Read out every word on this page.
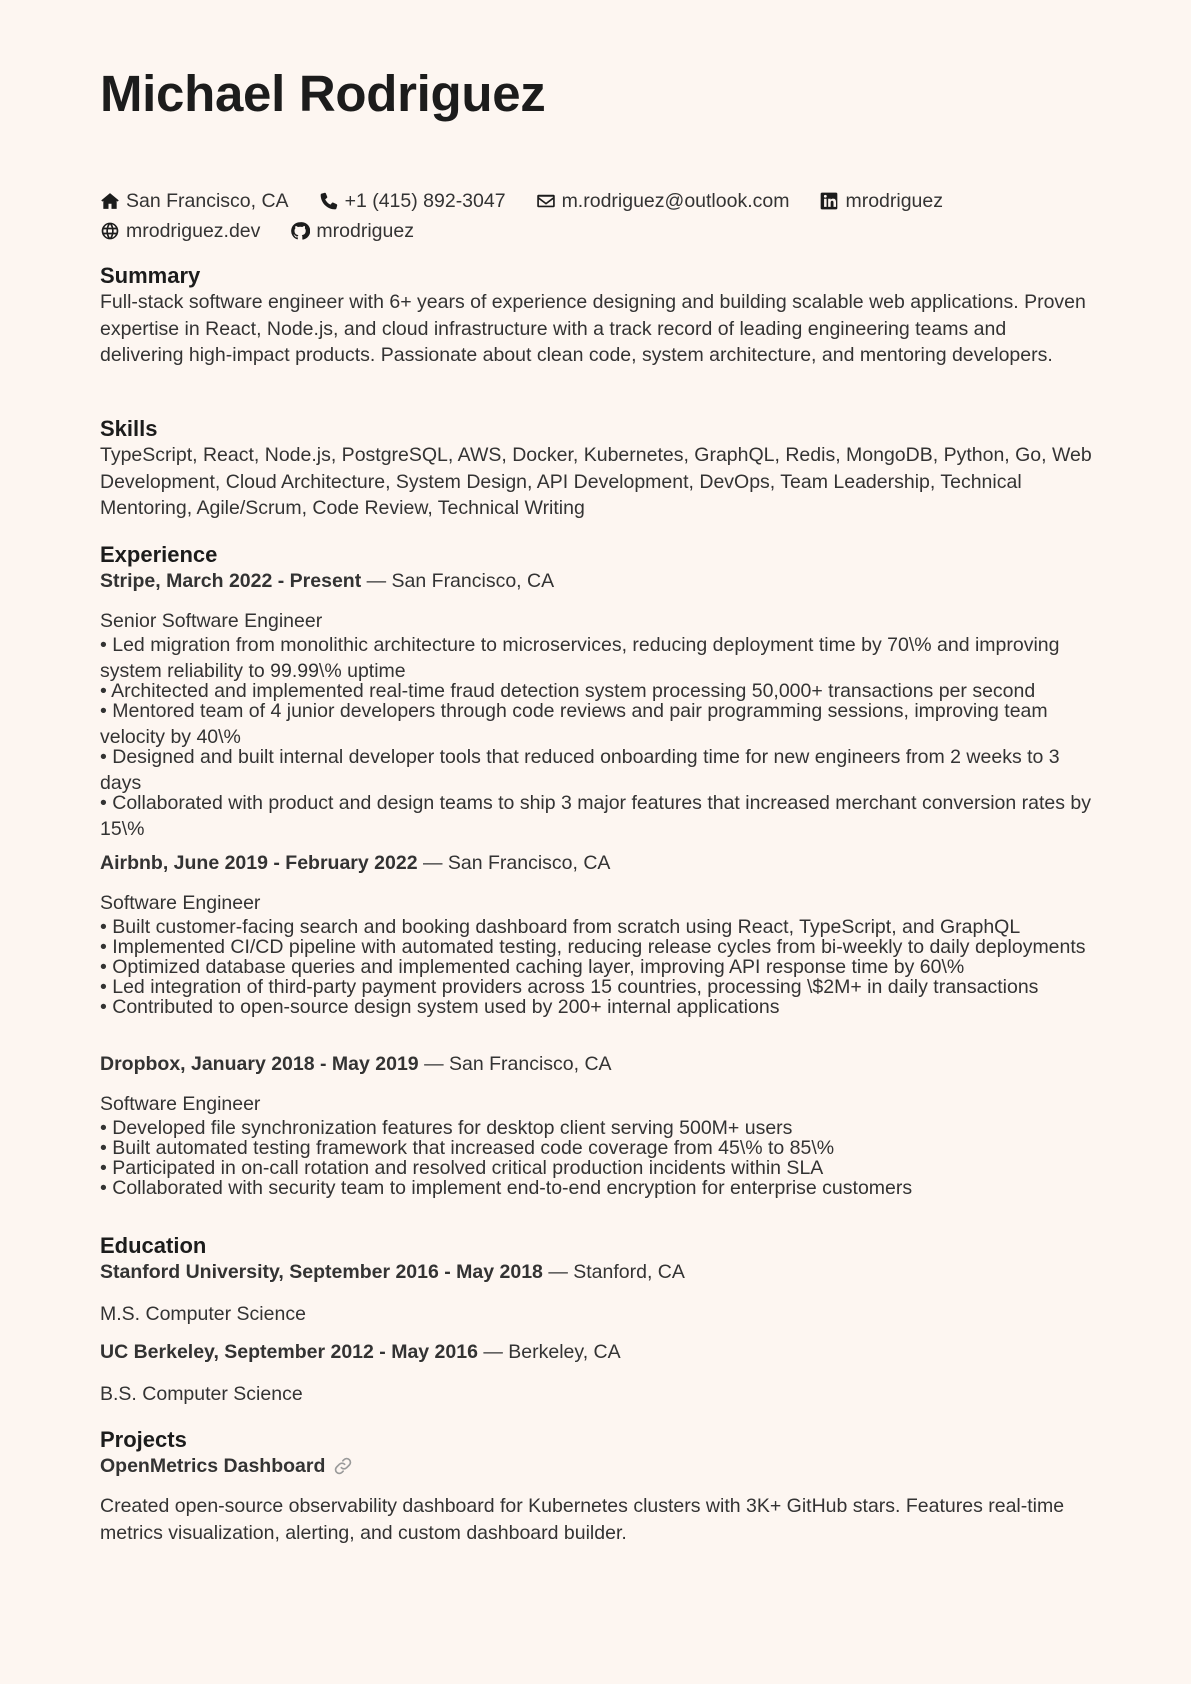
Michael Rodriguez
San Francisco, CA	+1 (415) 892-3047	m.rodriguez@outlook.com	mrodriguez
mrodriguez.dev	mrodriguez
Summary

Full-stack software engineer with 6+ years of experience designing and building scalable web applications. Proven expertise in React, Node.js, and cloud infrastructure with a track record of leading engineering teams and delivering high-impact products. Passionate about clean code, system architecture, and mentoring developers.

Skills

TypeScript, React, Node.js, PostgreSQL, AWS, Docker, Kubernetes, GraphQL, Redis, MongoDB, Python, Go, Web Development, Cloud Architecture, System Design, API Development, DevOps, Team Leadership, Technical Mentoring, Agile/Scrum, Code Review, Technical Writing

Experience
Stripe, March 2022 - Present — San Francisco, CA
Senior Software Engineer
• Led migration from monolithic architecture to microservices, reducing deployment time by 70\% and improving system reliability to 99.99\% uptime
• Architected and implemented real-time fraud detection system processing 50,000+ transactions per second
• Mentored team of 4 junior developers through code reviews and pair programming sessions, improving team velocity by 40\%
• Designed and built internal developer tools that reduced onboarding time for new engineers from 2 weeks to 3 days
• Collaborated with product and design teams to ship 3 major features that increased merchant conversion rates by 15\%
Airbnb, June 2019 - February 2022 — San Francisco, CA
Software Engineer
• Built customer-facing search and booking dashboard from scratch using React, TypeScript, and GraphQL
• Implemented CI/CD pipeline with automated testing, reducing release cycles from bi-weekly to daily deployments
• Optimized database queries and implemented caching layer, improving API response time by 60\%
• Led integration of third-party payment providers across 15 countries, processing \$2M+ in daily transactions
• Contributed to open-source design system used by 200+ internal applications
Dropbox, January 2018 - May 2019 — San Francisco, CA
Software Engineer
• Developed file synchronization features for desktop client serving 500M+ users
• Built automated testing framework that increased code coverage from 45\% to 85\%
• Participated in on-call rotation and resolved critical production incidents within SLA
• Collaborated with security team to implement end-to-end encryption for enterprise customers
Education
Stanford University, September 2016 - May 2018 — Stanford, CA
M.S. Computer Science
UC Berkeley, September 2012 - May 2016 — Berkeley, CA
B.S. Computer Science
Projects
OpenMetrics Dashboard

Created open-source observability dashboard for Kubernetes clusters with 3K+ GitHub stars. Features real-time metrics visualization, alerting, and custom dashboard builder.
